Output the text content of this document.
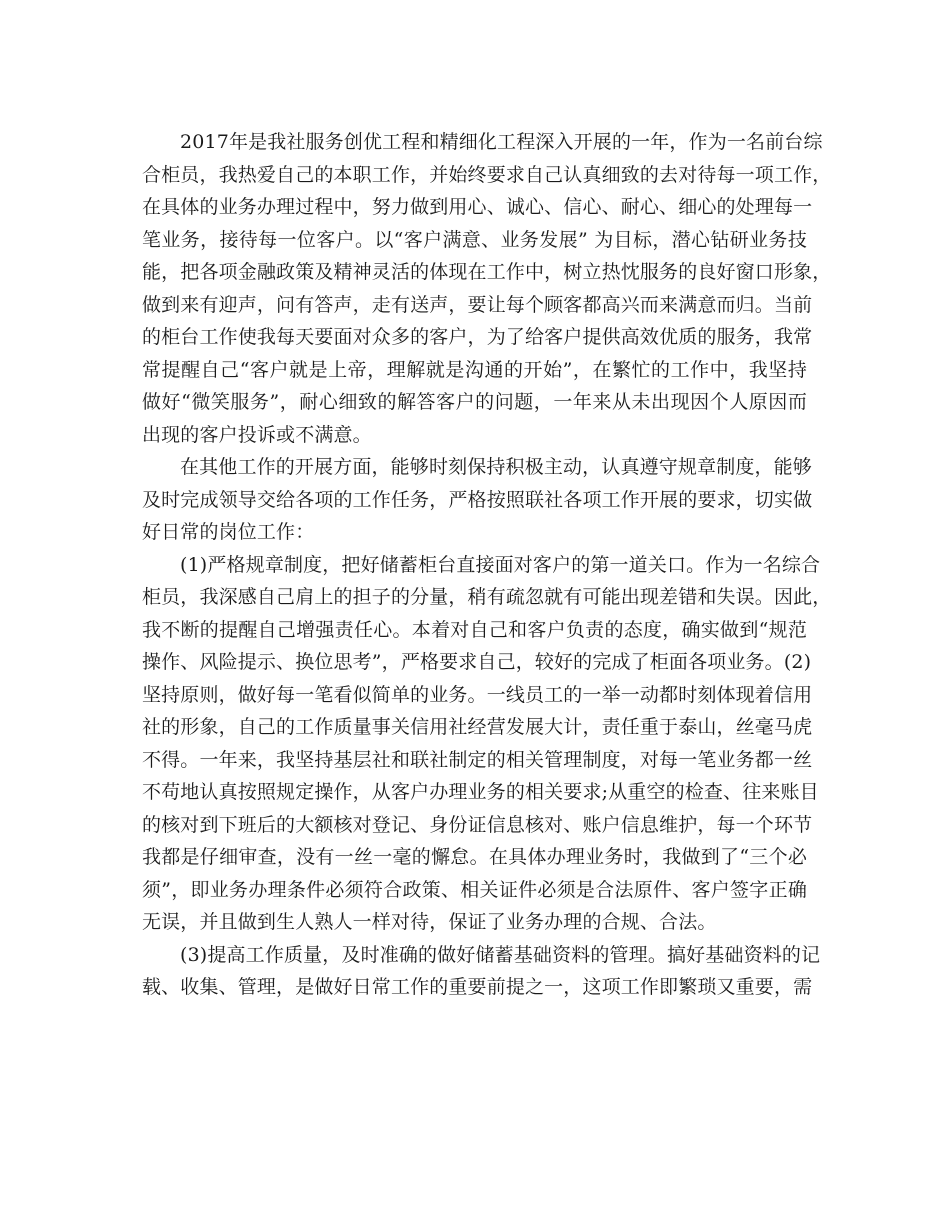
2017年是我社服务创优工程和精细化工程深入开展的一年，作为一名前台综
合柜员，我热爱自己的本职工作，并始终要求自己认真细致的去对待每一项工作，
在具体的业务办理过程中，努力做到用心、诚心、信心、耐心、细心的处理每一
笔业务，接待每一位客户。以“客户满意、业务发展” 为目标，潜心钻研业务技
能，把各项金融政策及精神灵活的体现在工作中，树立热忱服务的良好窗口形象，
做到来有迎声，问有答声，走有送声，要让每个顾客都高兴而来满意而归。当前
的柜台工作使我每天要面对众多的客户，为了给客户提供高效优质的服务，我常
常提醒自己“客户就是上帝，理解就是沟通的开始”，在繁忙的工作中，我坚持
做好“微笑服务”，耐心细致的解答客户的问题，一年来从未出现因个人原因而
出现的客户投诉或不满意。
在其他工作的开展方面，能够时刻保持积极主动，认真遵守规章制度，能够
及时完成领导交给各项的工作任务，严格按照联社各项工作开展的要求，切实做
好日常的岗位工作：
(1)严格规章制度，把好储蓄柜台直接面对客户的第一道关口。作为一名综合
柜员，我深感自己肩上的担子的分量，稍有疏忽就有可能出现差错和失误。因此，
我不断的提醒自己增强责任心。本着对自己和客户负责的态度，确实做到“规范
操作、风险提示、换位思考”，严格要求自己，较好的完成了柜面各项业务。(2)
坚持原则，做好每一笔看似简单的业务。一线员工的一举一动都时刻体现着信用
社的形象，自己的工作质量事关信用社经营发展大计，责任重于泰山，丝毫马虎
不得。一年来，我坚持基层社和联社制定的相关管理制度，对每一笔业务都一丝
不苟地认真按照规定操作，从客户办理业务的相关要求;从重空的检查、往来账目
的核对到下班后的大额核对登记、身份证信息核对、账户信息维护，每一个环节
我都是仔细审查，没有一丝一毫的懈怠。在具体办理业务时，我做到了“三个必
须”，即业务办理条件必须符合政策、相关证件必须是合法原件、客户签字正确
无误，并且做到生人熟人一样对待，保证了业务办理的合规、合法。
(3)提高工作质量，及时准确的做好储蓄基础资料的管理。搞好基础资料的记
载、收集、管理，是做好日常工作的重要前提之一，这项工作即繁琐又重要，需
